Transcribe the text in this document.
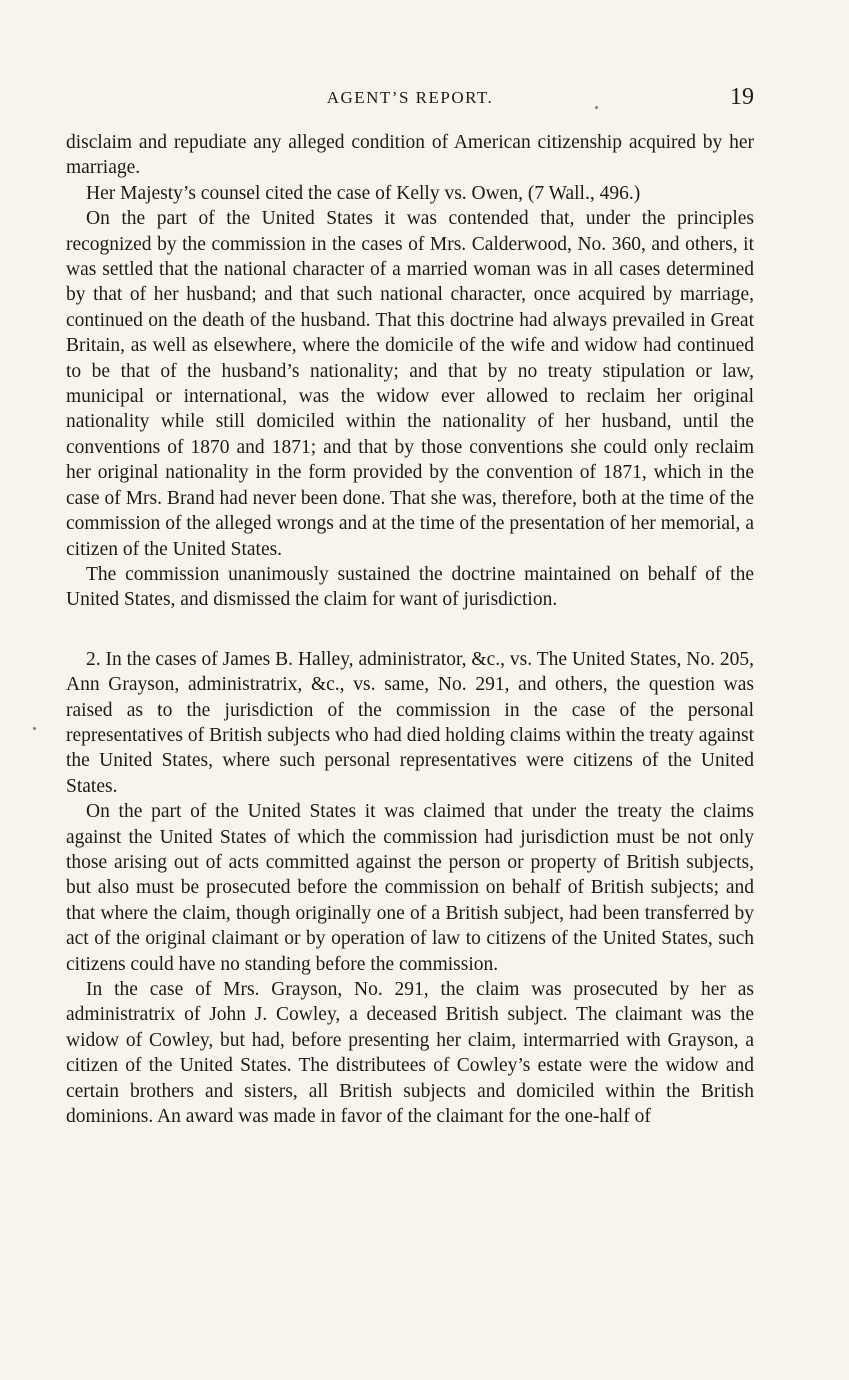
AGENT’S REPORT.	19

disclaim and repudiate any alleged condition of American citizenship acquired by her marriage.

Her Majesty’s counsel cited the case of Kelly vs. Owen, (7 Wall., 496.)

On the part of the United States it was contended that, under the principles recognized by the commission in the cases of Mrs. Calderwood, No. 360, and others, it was settled that the national character of a married woman was in all cases determined by that of her husband; and that such national character, once acquired by marriage, continued on the death of the husband. That this doctrine had always prevailed in Great Britain, as well as elsewhere, where the domicile of the wife and widow had continued to be that of the husband’s nationality; and that by no treaty stipulation or law, municipal or international, was the widow ever allowed to reclaim her original nationality while still domiciled within the nationality of her husband, until the conventions of 1870 and 1871; and that by those conventions she could only reclaim her original nationality in the form provided by the convention of 1871, which in the case of Mrs. Brand had never been done. That she was, therefore, both at the time of the commission of the alleged wrongs and at the time of the presentation of her memorial, a citizen of the United States.

The commission unanimously sustained the doctrine maintained on behalf of the United States, and dismissed the claim for want of jurisdiction.

2. In the cases of James B. Halley, administrator, &c., vs. The United States, No. 205, Ann Grayson, administratrix, &c., vs. same, No. 291, and others, the question was raised as to the jurisdiction of the commission in the case of the personal representatives of British subjects who had died holding claims within the treaty against the United States, where such personal representatives were citizens of the United States.

On the part of the United States it was claimed that under the treaty the claims against the United States of which the commission had jurisdiction must be not only those arising out of acts committed against the person or property of British subjects, but also must be prosecuted before the commission on behalf of British subjects; and that where the claim, though originally one of a British subject, had been transferred by act of the original claimant or by operation of law to citizens of the United States, such citizens could have no standing before the commission.

In the case of Mrs. Grayson, No. 291, the claim was prosecuted by her as administratrix of John J. Cowley, a deceased British subject. The claimant was the widow of Cowley, but had, before presenting her claim, intermarried with Grayson, a citizen of the United States. The distributees of Cowley’s estate were the widow and certain brothers and sisters, all British subjects and domiciled within the British dominions. An award was made in favor of the claimant for the one-half of
